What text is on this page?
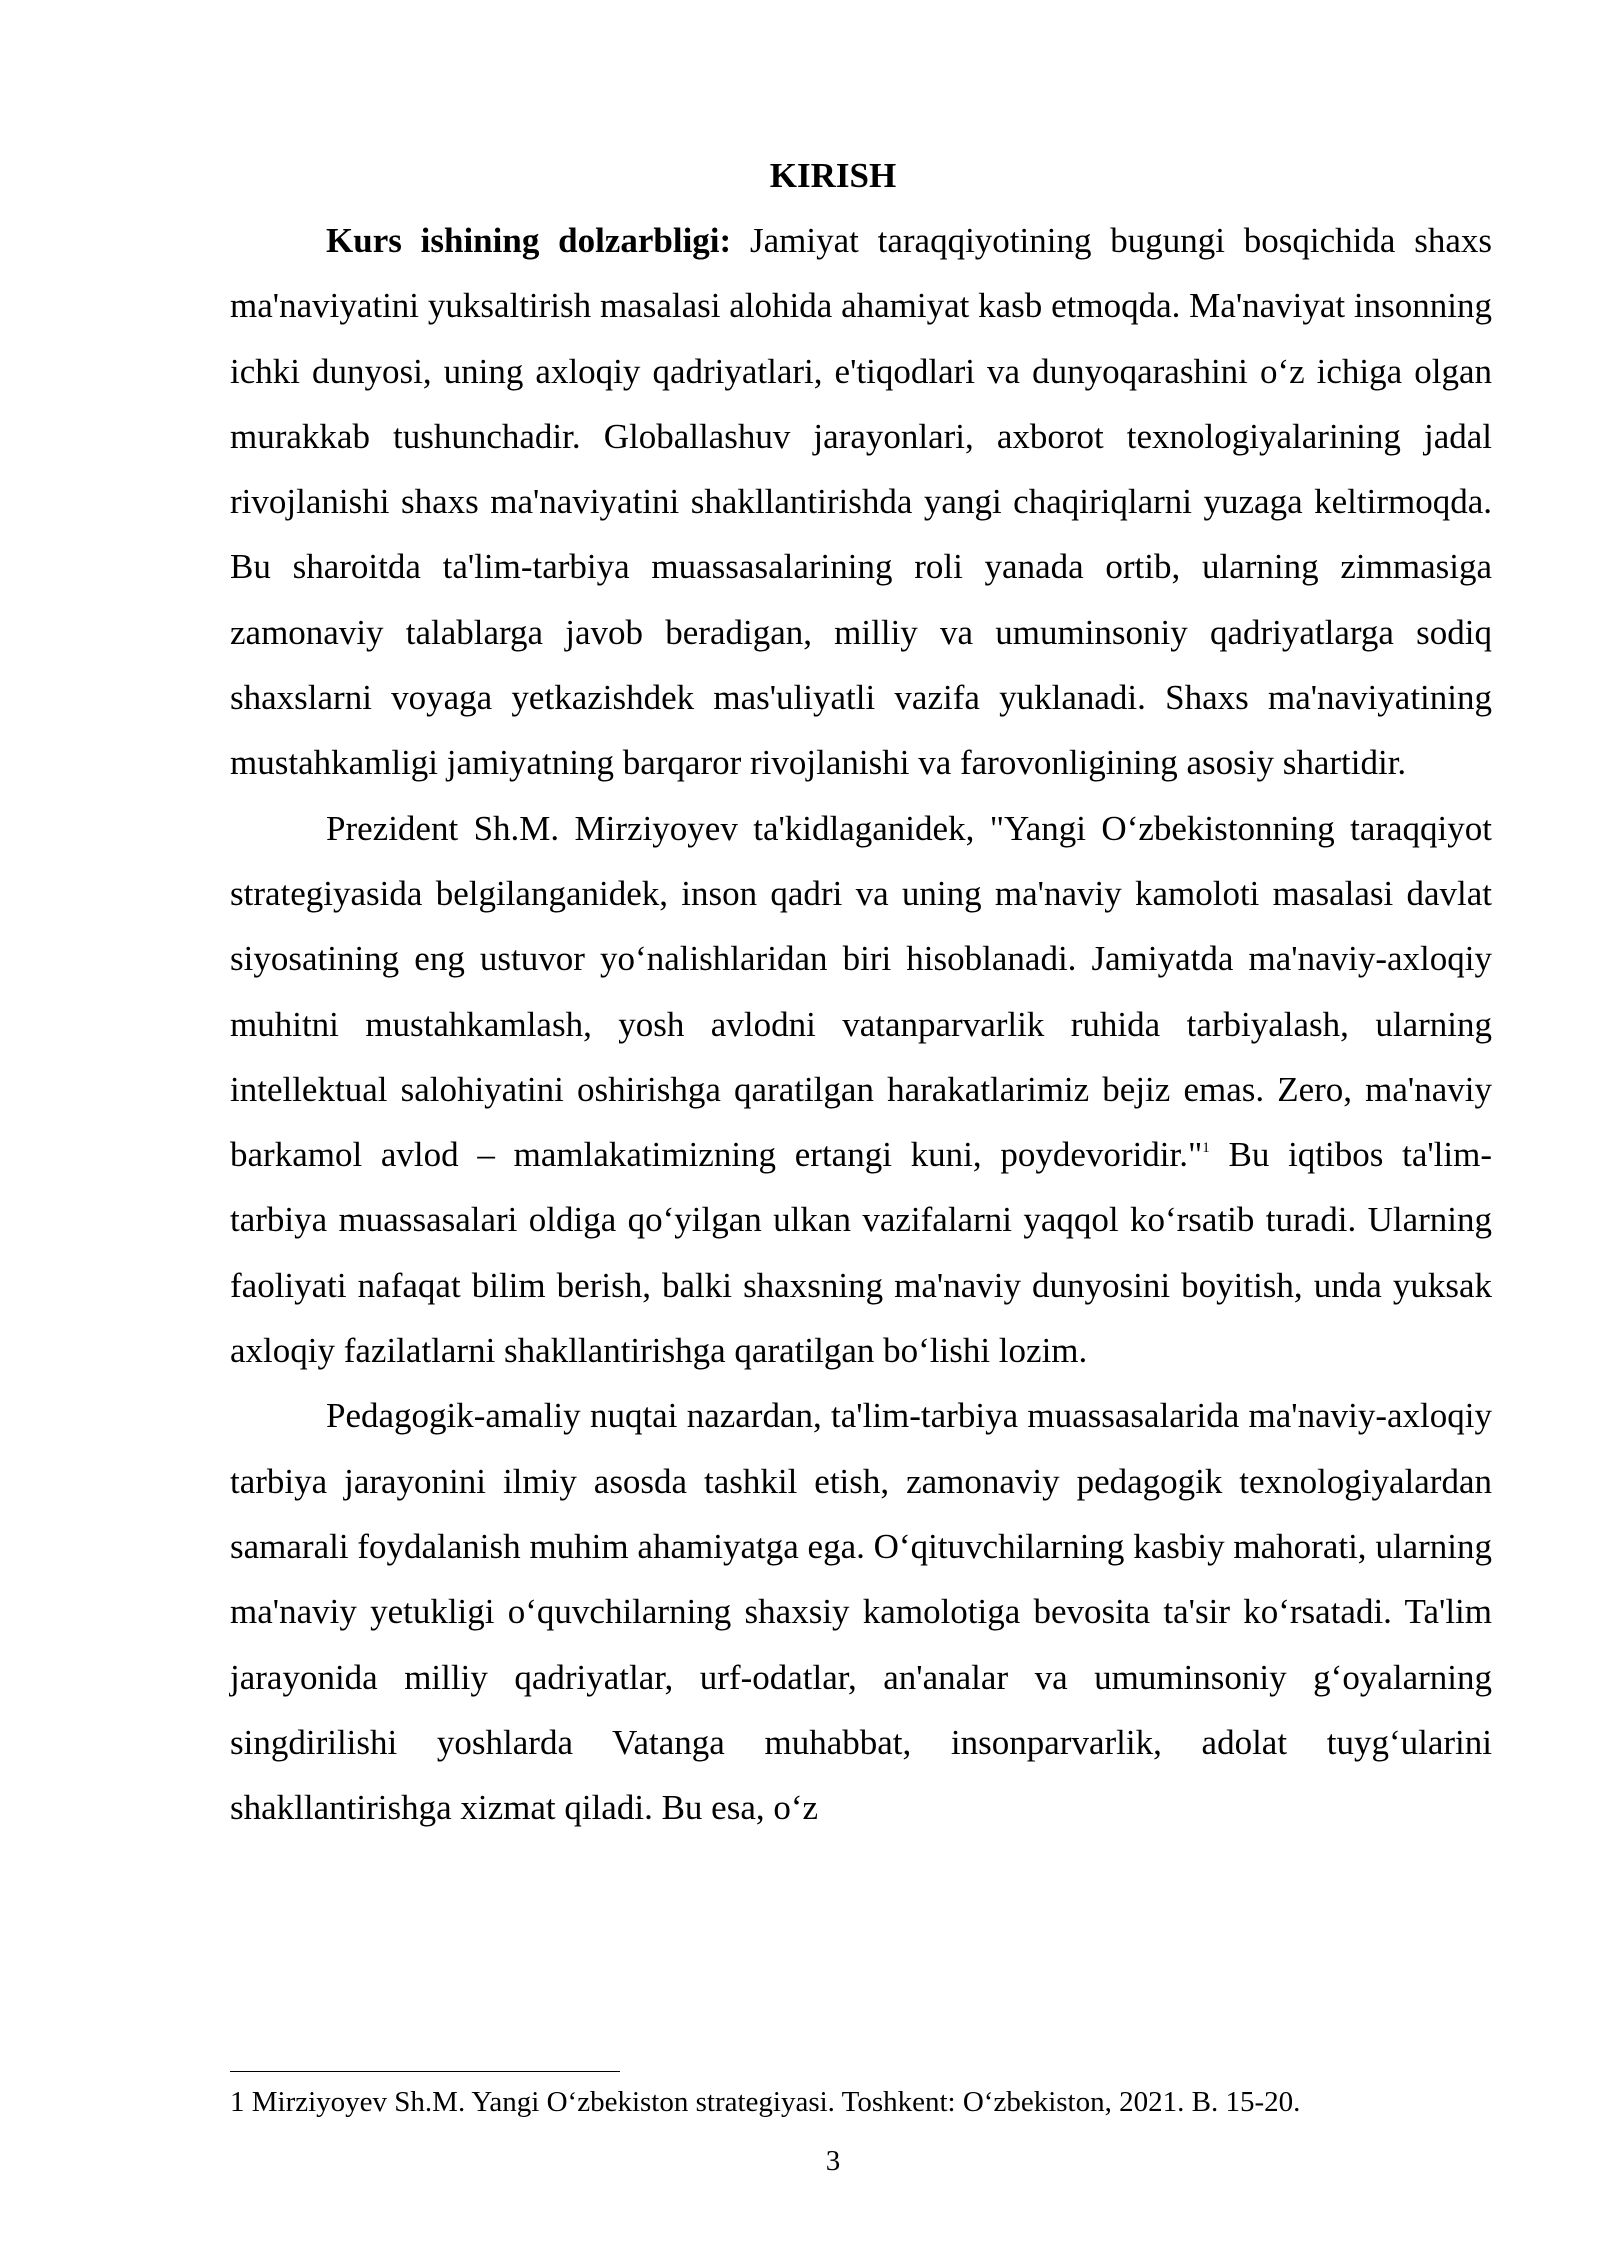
KIRISH

Kurs ishining dolzarbligi: Jamiyat taraqqiyotining bugungi bosqichida shaxs ma'naviyatini yuksaltirish masalasi alohida ahamiyat kasb etmoqda. Ma'naviyat insonning ichki dunyosi, uning axloqiy qadriyatlari, e'tiqodlari va dunyoqarashini o‘z ichiga olgan murakkab tushunchadir. Globallashuv jarayonlari, axborot texnologiyalarining jadal rivojlanishi shaxs ma'naviyatini shakllantirishda yangi chaqiriqlarni yuzaga keltirmoqda. Bu sharoitda ta'lim-tarbiya muassasalarining roli yanada ortib, ularning zimmasiga zamonaviy talablarga javob beradigan, milliy va umuminsoniy qadriyatlarga sodiq shaxslarni voyaga yetkazishdek mas'uliyatli vazifa yuklanadi. Shaxs ma'naviyatining mustahkamligi jamiyatning barqaror rivojlanishi va farovonligining asosiy shartidir.

Prezident Sh.M. Mirziyoyev ta'kidlaganidek, "Yangi O‘zbekistonning taraqqiyot strategiyasida belgilanganidek, inson qadri va uning ma'naviy kamoloti masalasi davlat siyosatining eng ustuvor yo‘nalishlaridan biri hisoblanadi. Jamiyatda ma'naviy-axloqiy muhitni mustahkamlash, yosh avlodni vatanparvarlik ruhida tarbiyalash, ularning intellektual salohiyatini oshirishga qaratilgan harakatlarimiz bejiz emas. Zero, ma'naviy barkamol avlod – mamlakatimizning ertangi kuni, poydevoridir."$^1$ Bu iqtibos ta'lim-tarbiya muassasalari oldiga qo‘yilgan ulkan vazifalarni yaqqol ko‘rsatib turadi. Ularning faoliyati nafaqat bilim berish, balki shaxsning ma'naviy dunyosini boyitish, unda yuksak axloqiy fazilatlarni shakllantirishga qaratilgan bo‘lishi lozim.

Pedagogik-amaliy nuqtai nazardan, ta'lim-tarbiya muassasalarida ma'naviy-axloqiy tarbiya jarayonini ilmiy asosda tashkil etish, zamonaviy pedagogik texnologiyalardan samarali foydalanish muhim ahamiyatga ega. O‘qituvchilarning kasbiy mahorati, ularning ma'naviy yetukligi o‘quvchilarning shaxsiy kamolotiga bevosita ta'sir ko‘rsatadi. Ta'lim jarayonida milliy qadriyatlar, urf-odatlar, an'analar va umuminsoniy g‘oyalarning singdirilishi yoshlarda Vatanga muhabbat, insonparvarlik, adolat tuyg‘ularini shakllantirishga xizmat qiladi. Bu esa, o‘z

1 Mirziyoyev Sh.M. Yangi O‘zbekiston strategiyasi. Toshkent: O‘zbekiston, 2021. B. 15-20.
3
